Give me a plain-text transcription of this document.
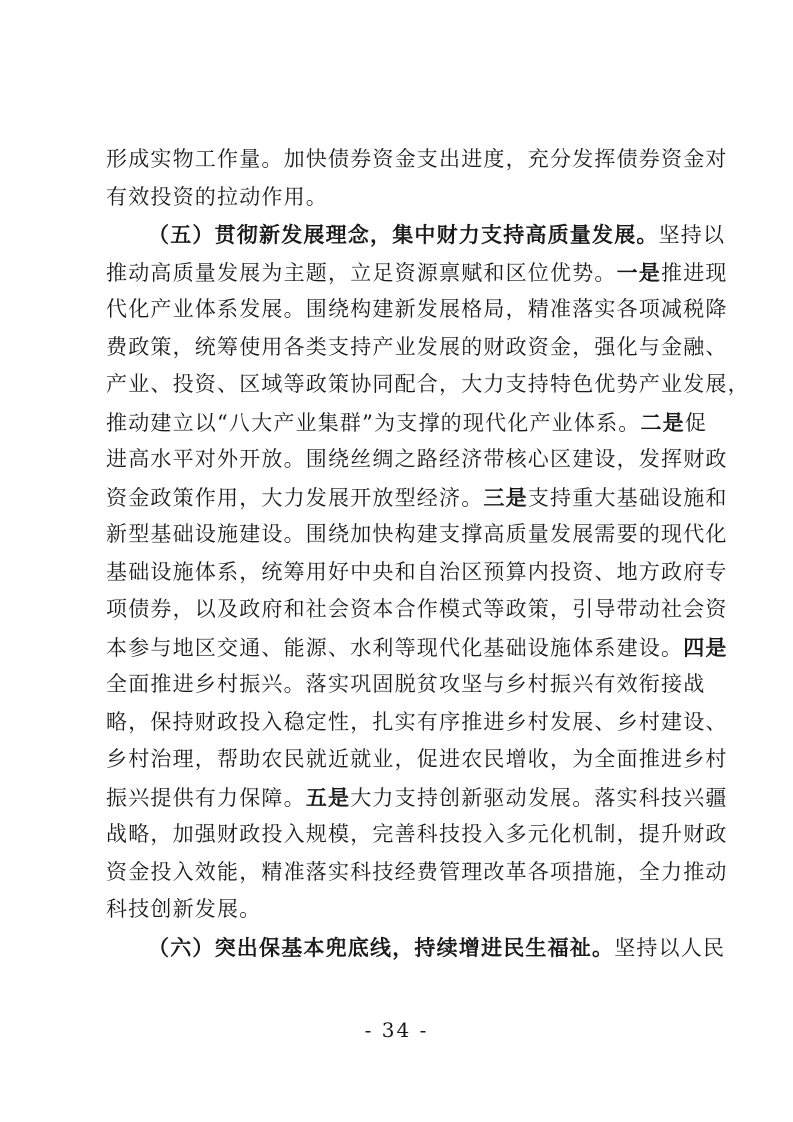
形成实物工作量。加快债券资金支出进度，充分发挥债券资金对
有效投资的拉动作用。
（五）贯彻新发展理念，集中财力支持高质量发展。坚持以
推动高质量发展为主题，立足资源禀赋和区位优势。一是推进现
代化产业体系发展。围绕构建新发展格局，精准落实各项减税降
费政策，统筹使用各类支持产业发展的财政资金，强化与金融、
产业、投资、区域等政策协同配合，大力支持特色优势产业发展，
推动建立以“八大产业集群”为支撑的现代化产业体系。二是促
进高水平对外开放。围绕丝绸之路经济带核心区建设，发挥财政
资金政策作用，大力发展开放型经济。三是支持重大基础设施和
新型基础设施建设。围绕加快构建支撑高质量发展需要的现代化
基础设施体系，统筹用好中央和自治区预算内投资、地方政府专
项债券，以及政府和社会资本合作模式等政策，引导带动社会资
本参与地区交通、能源、水利等现代化基础设施体系建设。四是
全面推进乡村振兴。落实巩固脱贫攻坚与乡村振兴有效衔接战
略，保持财政投入稳定性，扎实有序推进乡村发展、乡村建设、
乡村治理，帮助农民就近就业，促进农民增收，为全面推进乡村
振兴提供有力保障。五是大力支持创新驱动发展。落实科技兴疆
战略，加强财政投入规模，完善科技投入多元化机制，提升财政
资金投入效能，精准落实科技经费管理改革各项措施，全力推动
科技创新发展。
（六）突出保基本兜底线，持续增进民生福祉。坚持以人民
- 34 -
